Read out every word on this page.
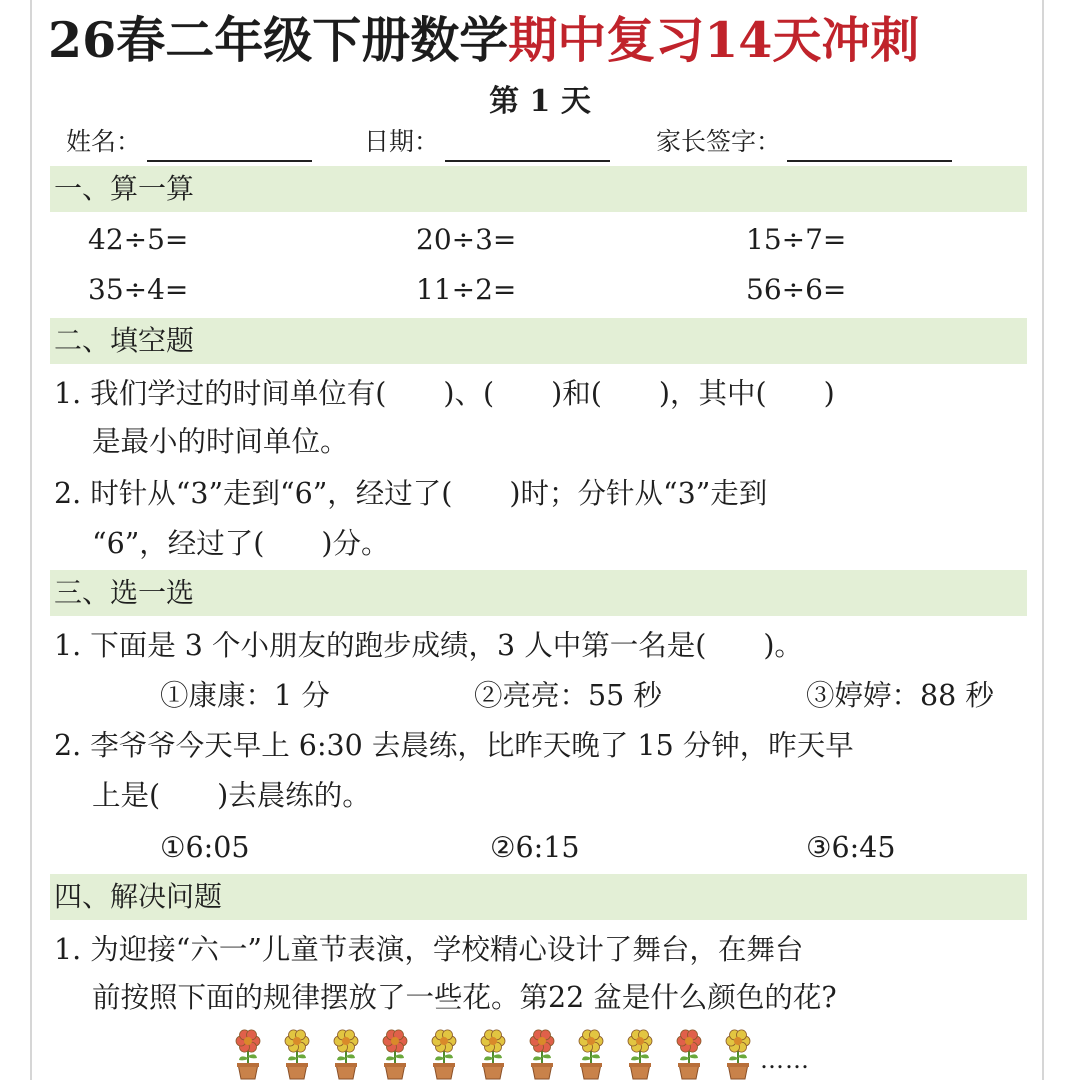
26春二年级下册数学期中复习14天冲刺
第 1 天
姓名：	日期：	家长签字：
一、算一算
42÷5=	20÷3=	15÷7=
35÷4=	11÷2=	56÷6=
二、填空题
1. 我们学过的时间单位有(　　)、(　　)和(　　)，其中(　　)
是最小的时间单位。
2. 时针从“3”走到“6”，经过了(　　)时；分针从“3”走到
“6”，经过了(　　)分。
三、选一选
1. 下面是 3 个小朋友的跑步成绩，3 人中第一名是(　　)。
①康康：1 分	②亮亮：55 秒	③婷婷：88 秒
2. 李爷爷今天早上 6:30 去晨练，比昨天晚了 15 分钟，昨天早
上是(　　)去晨练的。
①6:05	②6:15	③6:45
四、解决问题
1. 为迎接“六一”儿童节表演，学校精心设计了舞台，在舞台
前按照下面的规律摆放了一些花。第22 盆是什么颜色的花?
……
